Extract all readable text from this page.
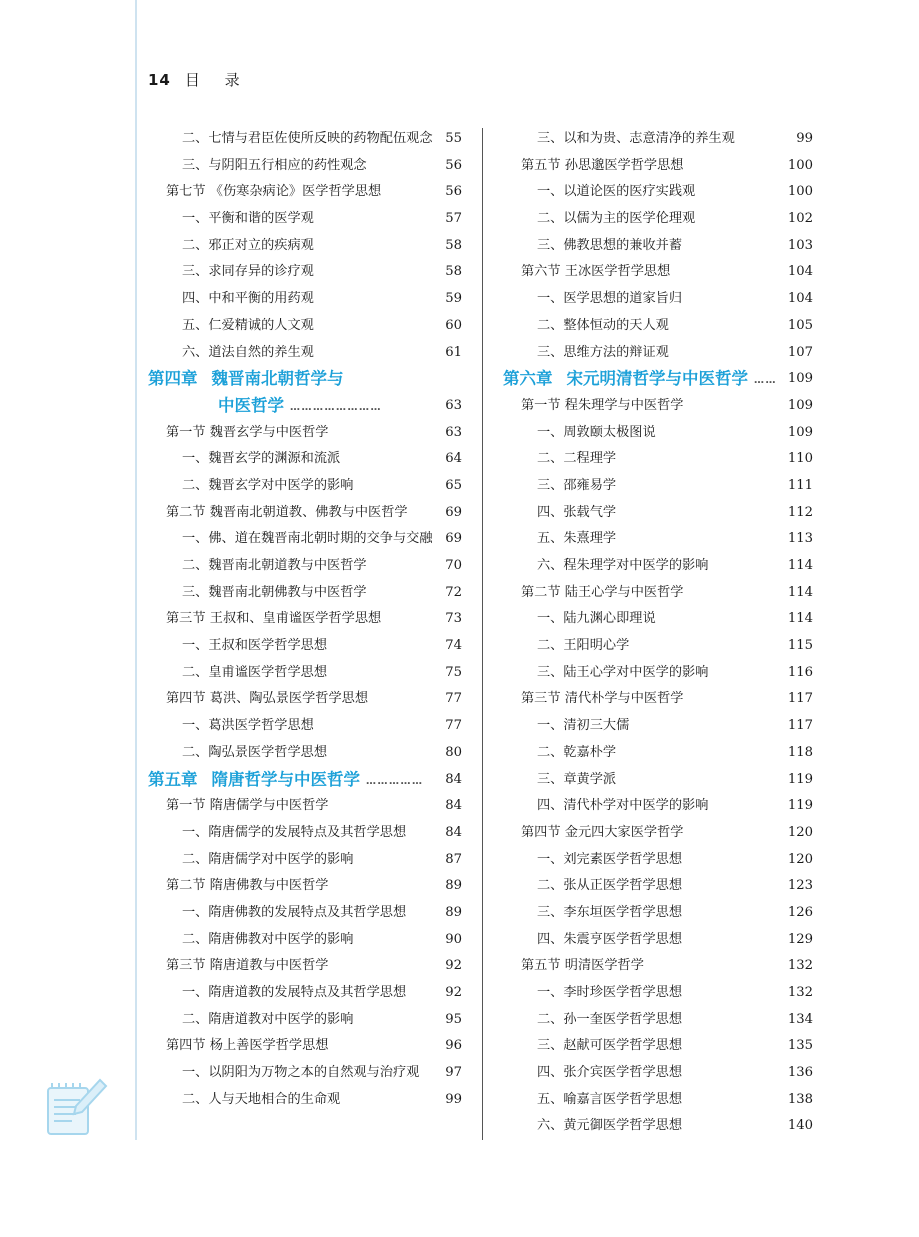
14 目 录
二、七情与君臣佐使所反映的药物配伍观念 55
三、与阴阳五行相应的药性观念	56
第七节 《伤寒杂病论》医学哲学思想	56
一、平衡和谐的医学观	57
二、邪正对立的疾病观	58
三、求同存异的诊疗观	58
四、中和平衡的用药观	59
五、仁爱精诚的人文观	60
六、道法自然的养生观	61
第四章 魏晋南北朝哲学与
中医哲学 ……………………	63
第一节 魏晋玄学与中医哲学	63
一、魏晋玄学的渊源和流派	64
二、魏晋玄学对中医学的影响	65
第二节 魏晋南北朝道教、佛教与中医哲学	69
一、佛、道在魏晋南北朝时期的交争与交融 69
二、魏晋南北朝道教与中医哲学	70
三、魏晋南北朝佛教与中医哲学	72
第三节 王叔和、皇甫谧医学哲学思想	73
一、王叔和医学哲学思想	74
二、皇甫谧医学哲学思想	75
第四节 葛洪、陶弘景医学哲学思想	77
一、葛洪医学哲学思想	77
二、陶弘景医学哲学思想	80
第五章 隋唐哲学与中医哲学 …………… 84
第一节 隋唐儒学与中医哲学	84
一、隋唐儒学的发展特点及其哲学思想	84
二、隋唐儒学对中医学的影响	87
第二节 隋唐佛教与中医哲学	89
一、隋唐佛教的发展特点及其哲学思想	89
二、隋唐佛教对中医学的影响	90
第三节 隋唐道教与中医哲学	92
一、隋唐道教的发展特点及其哲学思想	92
二、隋唐道教对中医学的影响	95
第四节 杨上善医学哲学思想	96
一、以阴阳为万物之本的自然观与治疗观 97
二、人与天地相合的生命观	99
三、以和为贵、志意清净的养生观	99
第五节 孙思邈医学哲学思想	100
一、以道论医的医疗实践观	100
二、以儒为主的医学伦理观	102
三、佛教思想的兼收并蓄	103
第六节 王冰医学哲学思想	104
一、医学思想的道家旨归	104
二、整体恒动的天人观	105
三、思维方法的辩证观	107
第六章 宋元明清哲学与中医哲学 …… 109
第一节 程朱理学与中医哲学	109
一、周敦颐太极图说	109
二、二程理学	110
三、邵雍易学	111
四、张载气学	112
五、朱熹理学	113
六、程朱理学对中医学的影响	114
第二节 陆王心学与中医哲学	114
一、陆九渊心即理说	114
二、王阳明心学	115
三、陆王心学对中医学的影响	116
第三节 清代朴学与中医哲学	117
一、清初三大儒	117
二、乾嘉朴学	118
三、章黄学派	119
四、清代朴学对中医学的影响	119
第四节 金元四大家医学哲学	120
一、刘完素医学哲学思想	120
二、张从正医学哲学思想	123
三、李东垣医学哲学思想	126
四、朱震亨医学哲学思想	129
第五节 明清医学哲学	132
一、李时珍医学哲学思想	132
二、孙一奎医学哲学思想	134
三、赵献可医学哲学思想	135
四、张介宾医学哲学思想	136
五、喻嘉言医学哲学思想	138
六、黄元御医学哲学思想	140
